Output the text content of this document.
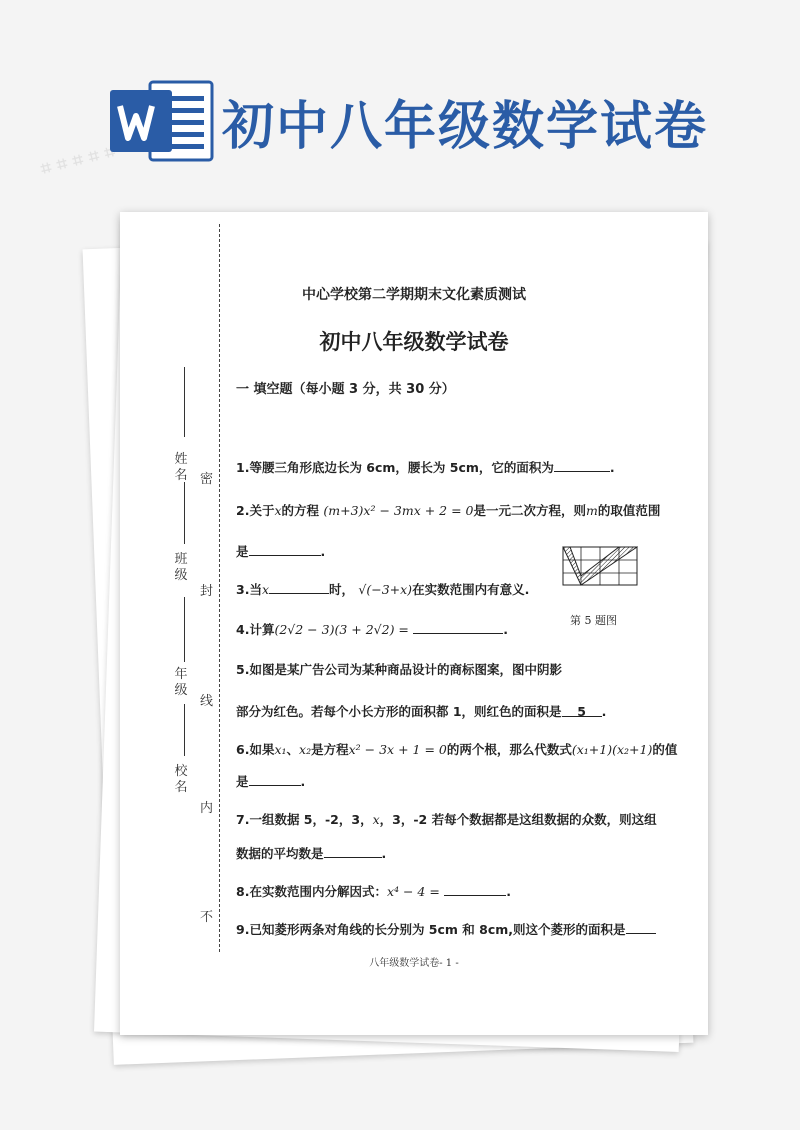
⌗ ⌗ ⌗ ⌗ ⌗
初中八年级数学试卷
姓名
班级
年级
校名
密
封
线
内
不
中心学校第二学期期末文化素质测试
初中八年级数学试卷
一 填空题（每小题 3 分，共 30 分）
1.等腰三角形底边长为 6cm，腰长为 5cm，它的面积为	.
2.关于x的方程 (m+3)x² − 3mx + 2 = 0是一元二次方程，则m的取值范围
是	.
第 5 题图
3.当x	时， √(−3+x)在实数范围内有意义.
4.计算(2√2 − 3)(3 + 2√2) =	.
5.如图是某广告公司为某种商品设计的商标图案，图中阴影
部分为红色。若每个小长方形的面积都 1，则红色的面积是 5 .
6.如果x₁、x₂是方程x² − 3x + 1 = 0的两个根，那么代数式(x₁+1)(x₂+1)的值
是	.
7.一组数据 5，-2，3，x，3，-2 若每个数据都是这组数据的众数，则这组
数据的平均数是	.
8.在实数范围内分解因式：x⁴ − 4 =	.
9.已知菱形两条对角线的长分别为 5cm 和 8cm,则这个菱形的面积是
八年级数学试卷- 1 -
